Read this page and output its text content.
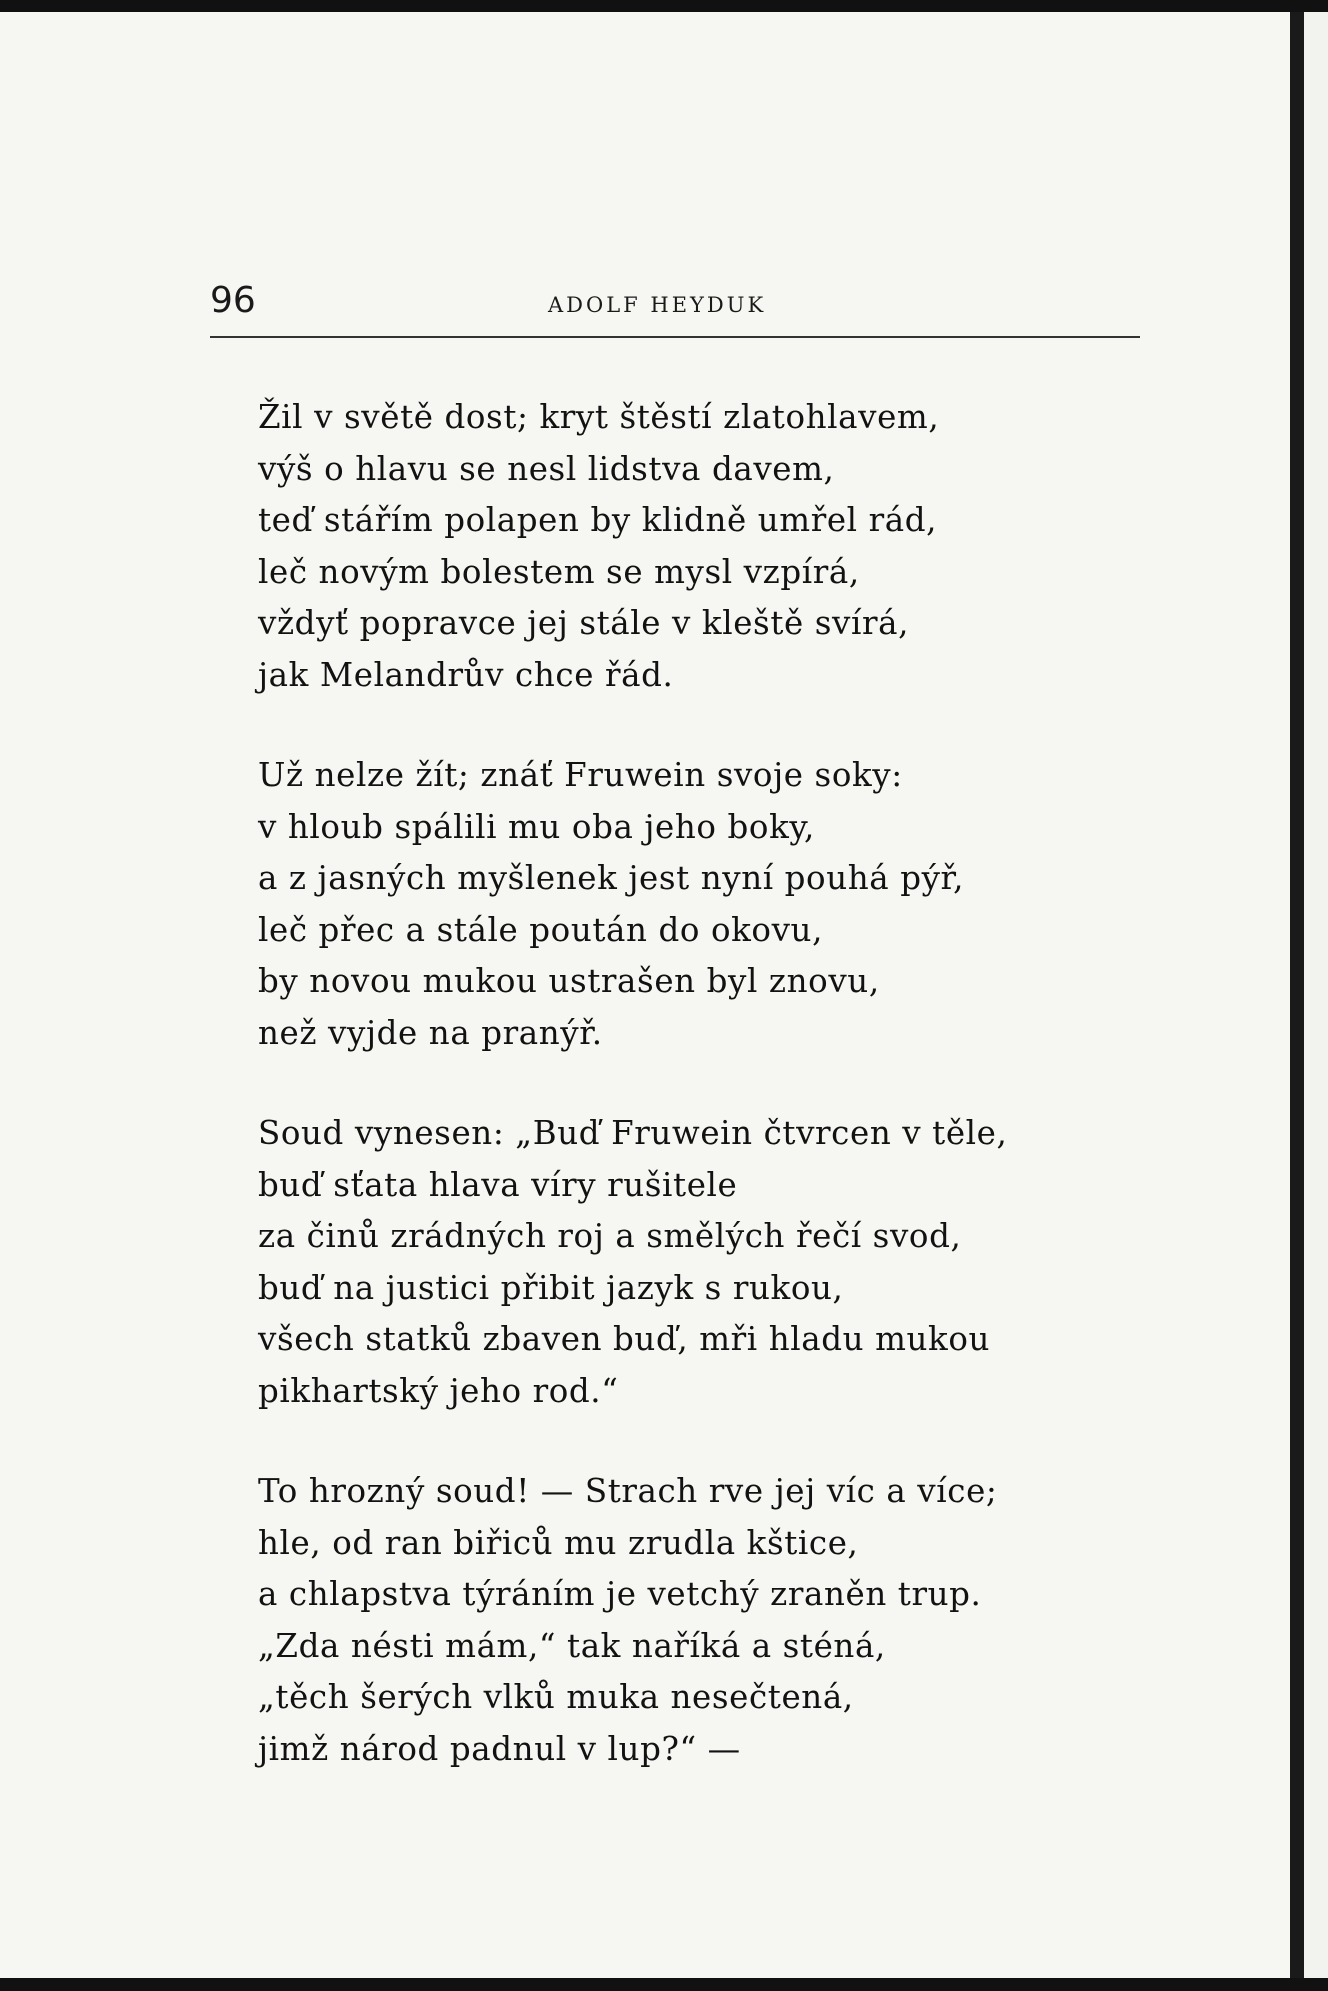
96	ADOLF HEYDUK
Žil v světě dost; kryt štěstí zlatohlavem,
výš o hlavu se nesl lidstva davem,
teď stářím polapen by klidně umřel rád,
leč novým bolestem se mysl vzpírá,
vždyť popravce jej stále v kleště svírá,
jak Melandrův chce řád.
Už nelze žít; znáť Fruwein svoje soky:
v hloub spálili mu oba jeho boky,
a z jasných myšlenek jest nyní pouhá pýř,
leč přec a stále poután do okovu,
by novou mukou ustrašen byl znovu,
než vyjde na pranýř.
Soud vynesen: „Buď Fruwein čtvrcen v těle,
buď sťata hlava víry rušitele
za činů zrádných roj a smělých řečí svod,
buď na justici přibit jazyk s rukou,
všech statků zbaven buď, mři hladu mukou
pikhartský jeho rod.“
To hrozný soud! — Strach rve jej víc a více;
hle, od ran biřiců mu zrudla kštice,
a chlapstva týráním je vetchý zraněn trup.
„Zda nésti mám,“ tak naříká a sténá,
„těch šerých vlků muka nesečtená,
jimž národ padnul v lup?“ —
